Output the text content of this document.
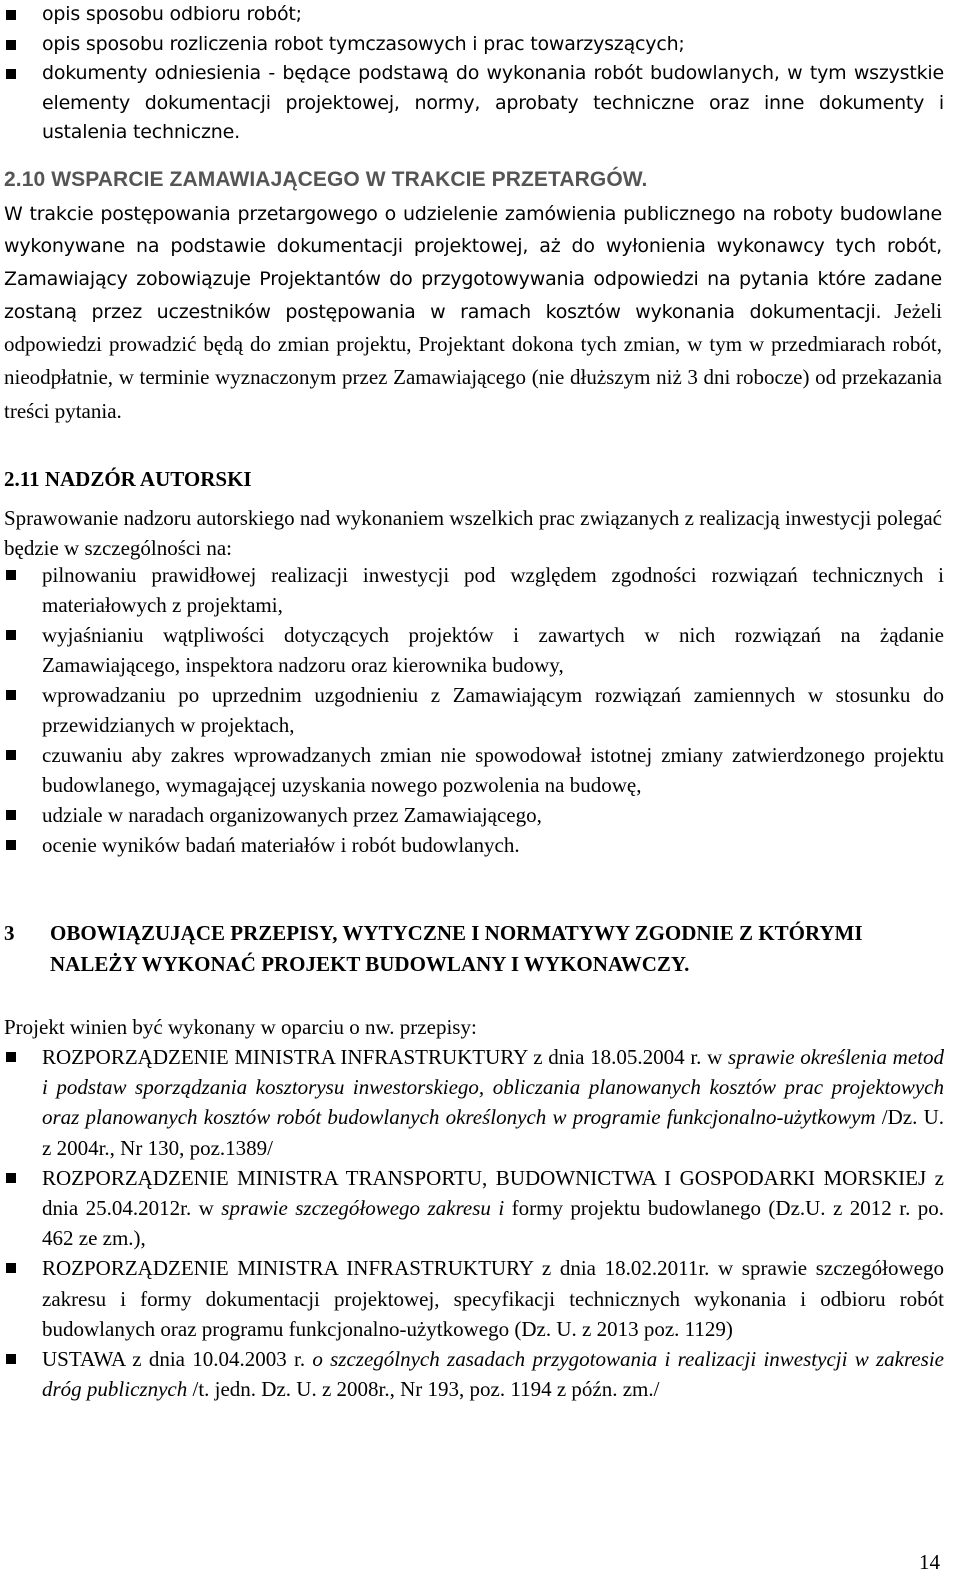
opis sposobu odbioru robót;
opis sposobu rozliczenia robot tymczasowych i prac towarzyszących;
dokumenty odniesienia - będące podstawą do wykonania robót budowlanych, w tym wszystkie elementy dokumentacji projektowej, normy, aprobaty techniczne oraz inne dokumenty i ustalenia techniczne.
2.10 WSPARCIE ZAMAWIAJĄCEGO W TRAKCIE PRZETARGÓW.
W trakcie postępowania przetargowego o udzielenie zamówienia publicznego na roboty budowlane wykonywane na podstawie dokumentacji projektowej, aż do wyłonienia wykonawcy tych robót, Zamawiający zobowiązuje Projektantów do przygotowywania odpowiedzi na pytania które zadane zostaną przez uczestników postępowania w ramach kosztów wykonania dokumentacji. Jeżeli odpowiedzi prowadzić będą do zmian projektu, Projektant dokona tych zmian, w tym w przedmiarach robót, nieodpłatnie, w terminie wyznaczonym przez Zamawiającego (nie dłuższym niż 3 dni robocze) od przekazania treści pytania.
2.11 NADZÓR AUTORSKI
Sprawowanie nadzoru autorskiego nad wykonaniem wszelkich prac związanych z realizacją inwestycji polegać będzie w szczególności na:
pilnowaniu prawidłowej realizacji inwestycji pod względem zgodności rozwiązań technicznych i materiałowych z projektami,
wyjaśnianiu wątpliwości dotyczących projektów i zawartych w nich rozwiązań na żądanie Zamawiającego, inspektora nadzoru oraz kierownika budowy,
wprowadzaniu po uprzednim uzgodnieniu z Zamawiającym rozwiązań zamiennych w stosunku do przewidzianych w projektach,
czuwaniu aby zakres wprowadzanych zmian nie spowodował istotnej zmiany zatwierdzonego projektu budowlanego, wymagającej uzyskania nowego pozwolenia na budowę,
udziale w naradach organizowanych przez Zamawiającego,
ocenie wyników badań materiałów i robót budowlanych.
3 OBOWIĄZUJĄCE PRZEPISY, WYTYCZNE I NORMATYWY ZGODNIE Z KTÓRYMI NALEŻY WYKONAĆ PROJEKT BUDOWLANY I WYKONAWCZY.
Projekt winien być wykonany w oparciu o nw. przepisy:
ROZPORZĄDZENIE MINISTRA INFRASTRUKTURY z dnia 18.05.2004 r. w sprawie określenia metod i podstaw sporządzania kosztorysu inwestorskiego, obliczania planowanych kosztów prac projektowych oraz planowanych kosztów robót budowlanych określonych w programie funkcjonalno-użytkowym /Dz. U. z 2004r., Nr 130, poz.1389/
ROZPORZĄDZENIE MINISTRA TRANSPORTU, BUDOWNICTWA I GOSPODARKI MORSKIEJ z dnia 25.04.2012r. w sprawie szczegółowego zakresu i formy projektu budowlanego (Dz.U. z 2012 r. po. 462 ze zm.),
ROZPORZĄDZENIE MINISTRA INFRASTRUKTURY z dnia 18.02.2011r. w sprawie szczegółowego zakresu i formy dokumentacji projektowej, specyfikacji technicznych wykonania i odbioru robót budowlanych oraz programu funkcjonalno-użytkowego (Dz. U. z 2013 poz. 1129)
USTAWA z dnia 10.04.2003 r. o szczególnych zasadach przygotowania i realizacji inwestycji w zakresie dróg publicznych /t. jedn. Dz. U. z 2008r., Nr 193, poz. 1194 z późn. zm./
14
